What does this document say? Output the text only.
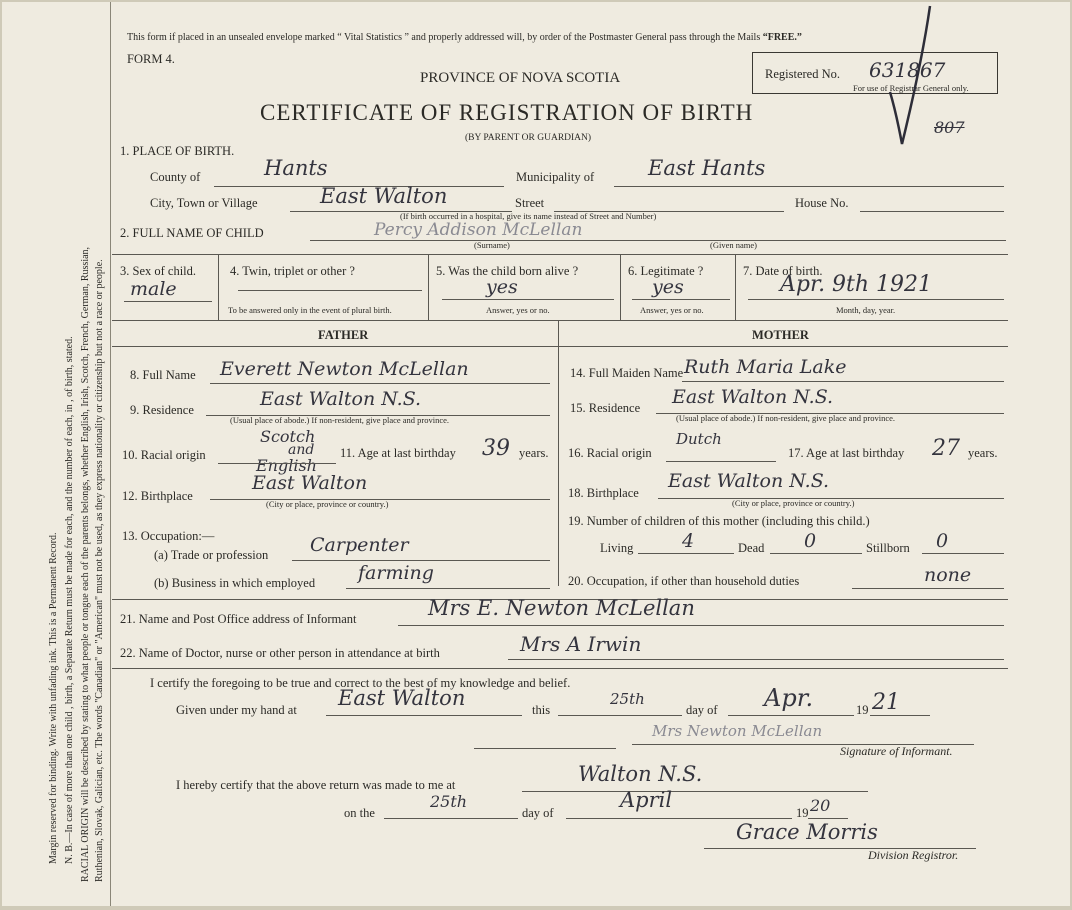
Margin reserved for binding. Write with unfading ink. This is a Permanent Record. N. B.—In case of more than one child , birth, a Separate Return must be made for each, and the number of each, in , of birth, stated. RACIAL ORIGIN will be described by stating to what people or tongue each of the parents belongs, whether English, Irish, Scotch, French, German, Russian, Ruthenian, Slovak, Galician, etc. The words "Canadian" or "American" must not be used, as they express nationality or citizenship but not a race or people.
This form if placed in an unsealed envelope marked “ Vital Statistics ” and properly addressed will, by order of the Postmaster General pass through the Mails “FREE.”
FORM 4.
PROVINCE OF NOVA SCOTIA
CERTIFICATE OF REGISTRATION OF BIRTH
(BY PARENT OR GUARDIAN)
Registered No. 631867
For use of Registrar General only.
807
1. PLACE OF BIRTH.
County of	Hants	Municipality of	East Hants
City, Town or Village	East Walton	Street	House No.
(If birth occurred in a hospital, give its name instead of Street and Number)
2. FULL NAME OF CHILD	Percy Addison McLellan
(Surname)	(Given name)
3. Sex of child.
male
4. Twin, triplet or other ?
To be answered only in the event of plural birth.
5. Was the child born alive ?
yes
Answer, yes or no.
6. Legitimate ?
yes
Answer, yes or no.
7. Date of birth.
Apr. 9th 1921
Month, day, year.
FATHER	MOTHER
8. Full Name Everett Newton McLellan
9. Residence	East Walton N.S.
(Usual place of abode.) If non-resident, give place and province.
10. Racial origin
Scotch
and
English
11. Age at last birthday 39 years.
12. Birthplace
East Walton
(City or place, province or country.)
13. Occupation:—
(a) Trade or profession Carpenter
(b) Business in which employed farming
14. Full Maiden Name Ruth Maria Lake
15. Residence East Walton N.S.
(Usual place of abode.) If non-resident, give place and province.
16. Racial origin
Dutch
17. Age at last birthday 27 years.
18. Birthplace
East Walton N.S.
(City or place, province or country.)
19. Number of children of this mother (including this child.)
Living	4	Dead 0	Stillborn 0
20. Occupation, if other than household duties	none
21. Name and Post Office address of Informant	Mrs E. Newton McLellan
22. Name of Doctor, nurse or other person in attendance at birth	Mrs A Irwin
I certify the foregoing to be true and correct to the best of my knowledge and belief.
Given under my hand at East Walton	this
25th
day of Apr.	19 21
Mrs Newton McLellan
Signature of Informant.
I hereby certify that the above return was made to me at	Walton N.S.
on the
25th
day of
April
19 20
Grace Morris
Division Registror.
